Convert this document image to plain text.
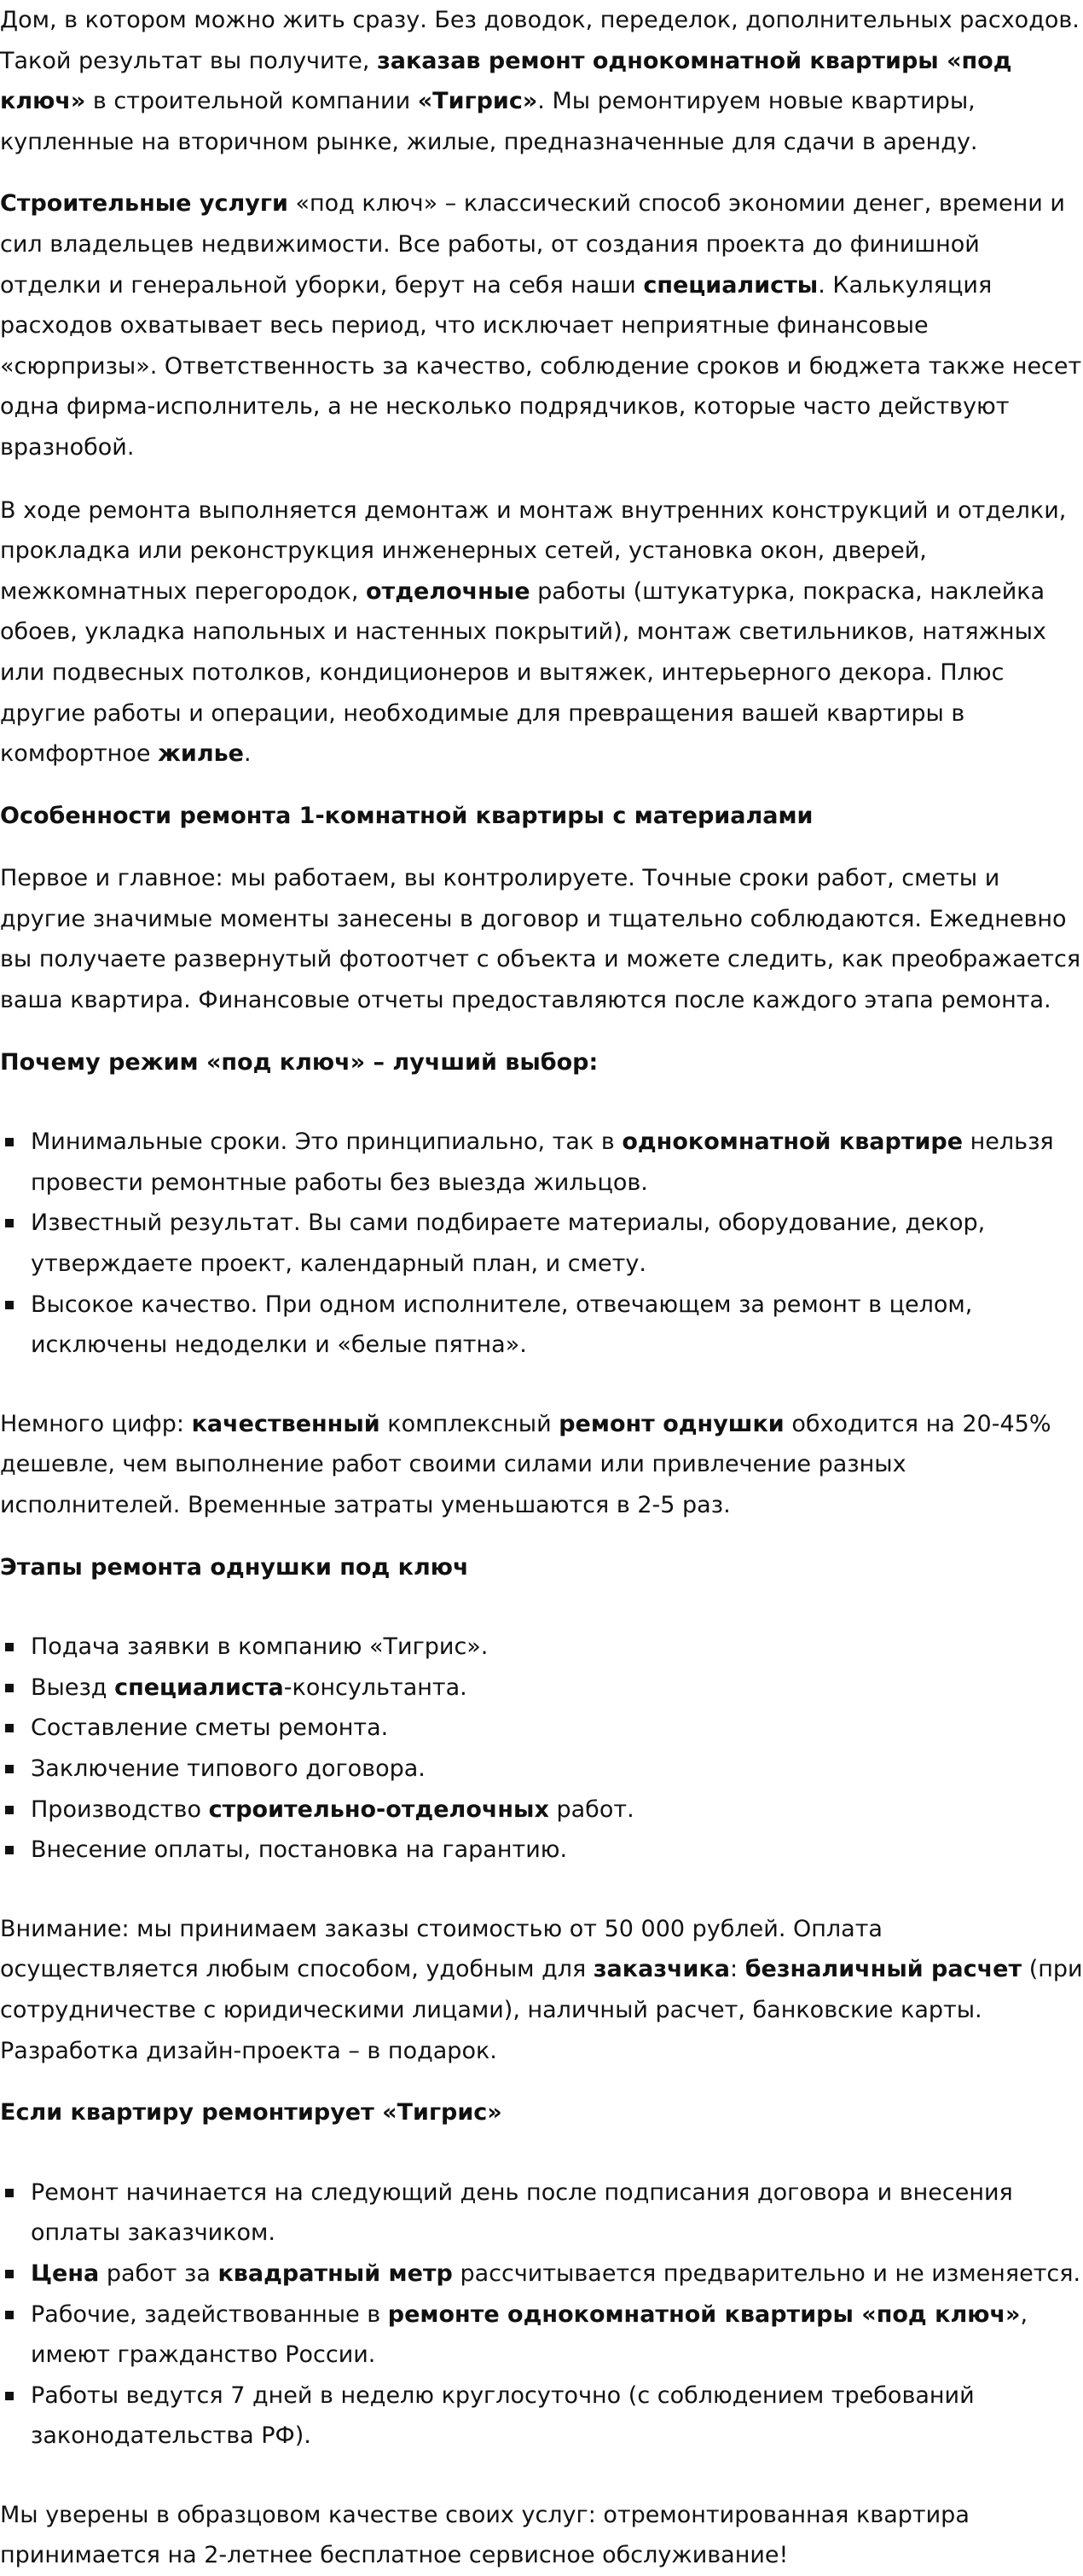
Дом, в котором можно жить сразу. Без доводок, переделок, дополнительных расходов. Такой результат вы получите, заказав ремонт однокомнатной квартиры «под ключ» в строительной компании «Тигрис». Мы ремонтируем новые квартиры, купленные на вторичном рынке, жилые, предназначенные для сдачи в аренду.

Строительные услуги «под ключ» – классический способ экономии денег, времени и сил владельцев недвижимости. Все работы, от создания проекта до финишной отделки и генеральной уборки, берут на себя наши специалисты. Калькуляция расходов охватывает весь период, что исключает неприятные финансовые «сюрпризы». Ответственность за качество, соблюдение сроков и бюджета также несет одна фирма-исполнитель, а не несколько подрядчиков, которые часто действуют вразнобой.

В ходе ремонта выполняется демонтаж и монтаж внутренних конструкций и отделки, прокладка или реконструкция инженерных сетей, установка окон, дверей, межкомнатных перегородок, отделочные работы (штукатурка, покраска, наклейка обоев, укладка напольных и настенных покрытий), монтаж светильников, натяжных или подвесных потолков, кондиционеров и вытяжек, интерьерного декора. Плюс другие работы и операции, необходимые для превращения вашей квартиры в комфортное жилье.

Особенности ремонта 1-комнатной квартиры с материалами

Первое и главное: мы работаем, вы контролируете. Точные сроки работ, сметы и другие значимые моменты занесены в договор и тщательно соблюдаются. Ежедневно вы получаете развернутый фотоотчет с объекта и можете следить, как преображается ваша квартира. Финансовые отчеты предоставляются после каждого этапа ремонта.

Почему режим «под ключ» – лучший выбор:
Минимальные сроки. Это принципиально, так в однокомнатной квартире нельзя провести ремонтные работы без выезда жильцов.
Известный результат. Вы сами подбираете материалы, оборудование, декор, утверждаете проект, календарный план, и смету.
Высокое качество. При одном исполнителе, отвечающем за ремонт в целом, исключены недоделки и «белые пятна».

Немного цифр: качественный комплексный ремонт однушки обходится на 20-45% дешевле, чем выполнение работ своими силами или привлечение разных исполнителей. Временные затраты уменьшаются в 2-5 раз.

Этапы ремонта однушки под ключ
Подача заявки в компанию «Тигрис».
Выезд специалиста-консультанта.
Составление сметы ремонта.
Заключение типового договора.
Производство строительно-отделочных работ.
Внесение оплаты, постановка на гарантию.

Внимание: мы принимаем заказы стоимостью от 50 000 рублей. Оплата осуществляется любым способом, удобным для заказчика: безналичный расчет (при сотрудничестве с юридическими лицами), наличный расчет, банковские карты. Разработка дизайн-проекта – в подарок.

Если квартиру ремонтирует «Тигрис»
Ремонт начинается на следующий день после подписания договора и внесения оплаты заказчиком.
Цена работ за квадратный метр рассчитывается предварительно и не изменяется.
Рабочие, задействованные в ремонте однокомнатной квартиры «под ключ», имеют гражданство России.
Работы ведутся 7 дней в неделю круглосуточно (с соблюдением требований законодательства РФ).

Мы уверены в образцовом качестве своих услуг: отремонтированная квартира принимается на 2-летнее бесплатное сервисное обслуживание!
